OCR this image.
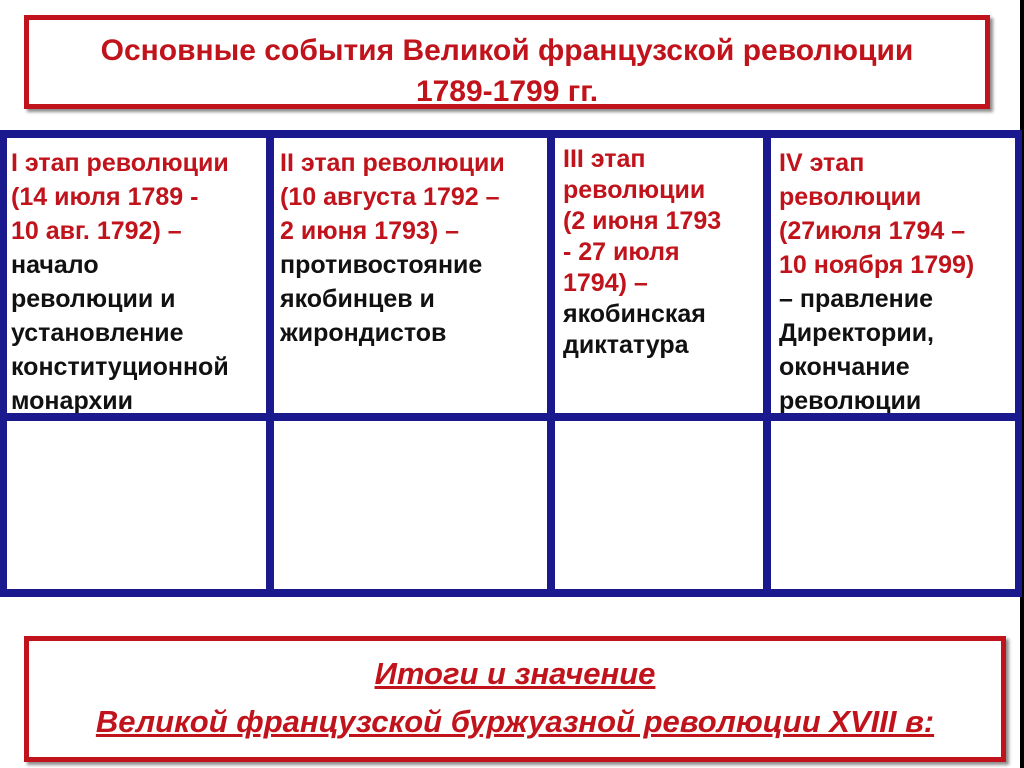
Основные события Великой французской революции
1789-1799 гг.
I этап революции
(14 июля 1789 -
10 авг. 1792) –
начало
революции и
установление
конституционной
монархии
II этап революции
(10 августа 1792 –
2 июня 1793) –
противостояние
якобинцев и
жирондистов
III этап
революции
(2 июня 1793
- 27 июля
1794) –
якобинская
диктатура
IV этап
революции
(27июля 1794 –
10 ноября 1799)
– правление
Директории,
окончание
революции
Итоги и значение
Великой французской буржуазной революции XVIII в:
